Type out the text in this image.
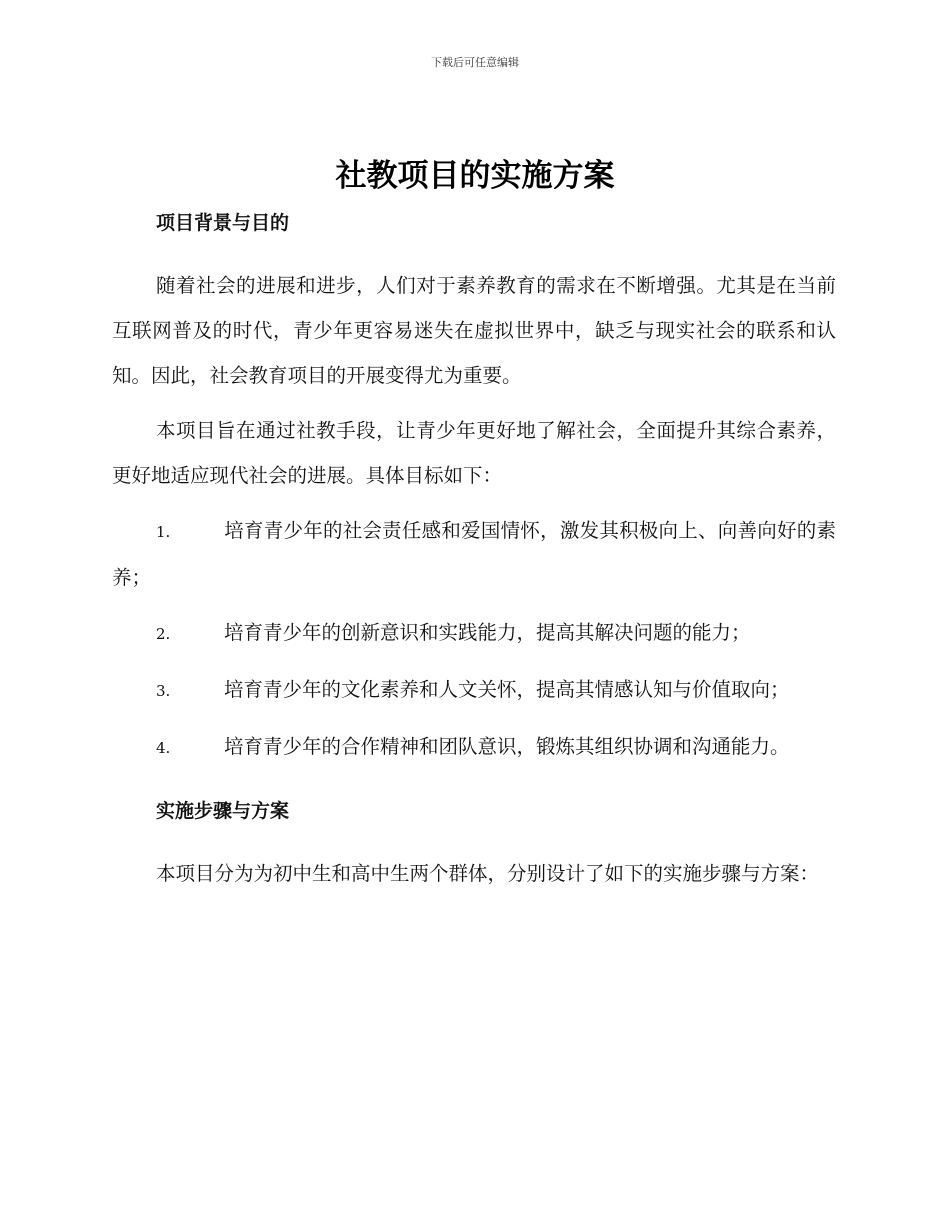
下载后可任意编辑
社教项目的实施方案
项目背景与目的

随着社会的进展和进步，人们对于素养教育的需求在不断增强。尤其是在当前互联网普及的时代，青少年更容易迷失在虚拟世界中，缺乏与现实社会的联系和认知。因此，社会教育项目的开展变得尤为重要。

本项目旨在通过社教手段，让青少年更好地了解社会，全面提升其综合素养，更好地适应现代社会的进展。具体目标如下：

1.	培育青少年的社会责任感和爱国情怀，激发其积极向上、向善向好的素养；
2.	培育青少年的创新意识和实践能力，提高其解决问题的能力；
3.	培育青少年的文化素养和人文关怀，提高其情感认知与价值取向；
4.	培育青少年的合作精神和团队意识，锻炼其组织协调和沟通能力。
实施步骤与方案

本项目分为为初中生和高中生两个群体，分别设计了如下的实施步骤与方案：
